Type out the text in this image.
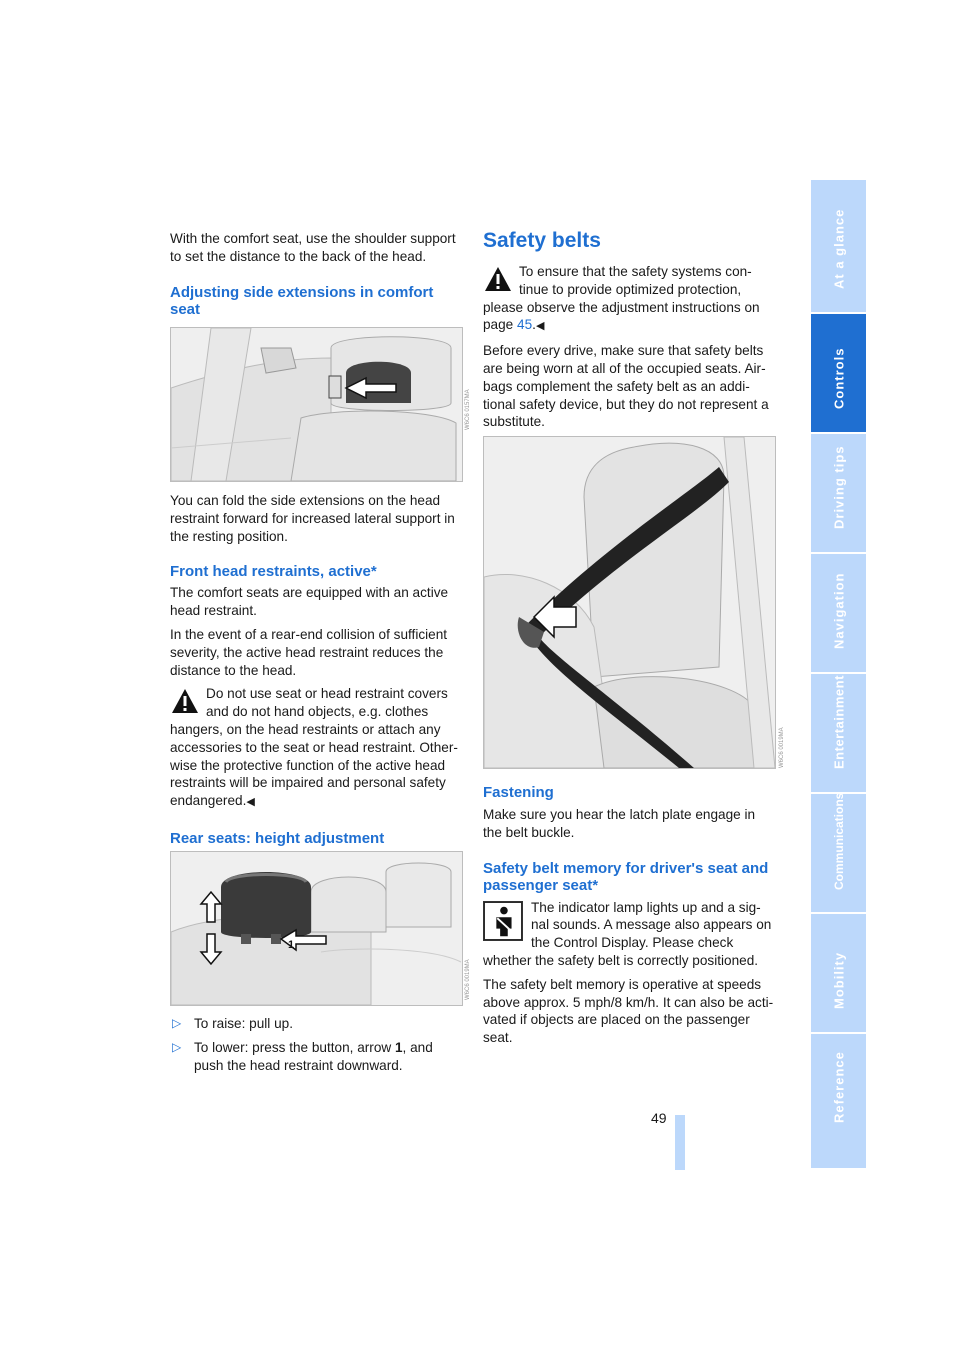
With the comfort seat, use the shoulder support to set the distance to the back of the head.

Adjusting side extensions in comfort seat
W6C6 0157MA

You can fold the side extensions on the head restraint forward for increased lateral support in the resting position.

Front head restraints, active*

The comfort seats are equipped with an active head restraint.

In the event of a rear-end collision of sufficient severity, the active head restraint reduces the distance to the head.

Do not use seat or head restraint covers and do not hand objects, e.g. clothes hangers, on the head restraints or attach any accessories to the seat or head restraint. Other-wise the protective function of the active head restraints will be impaired and personal safety endangered.◀

Rear seats: height adjustment
1
W6C6 0019MA
▷ To raise: pull up.
▷ To lower: press the button, arrow 1, and push the head restraint downward.
Safety belts

To ensure that the safety systems con-tinue to provide optimized protection, please observe the adjustment instructions on page 45.◀

Before every drive, make sure that safety belts are being worn at all of the occupied seats. Air-bags complement the safety belt as an addi-tional safety device, but they do not represent a substitute.

W6C6 0019MA
Fastening

Make sure you hear the latch plate engage in the belt buckle.

Safety belt memory for driver's seat and passenger seat*

The indicator lamp lights up and a sig-nal sounds. A message also appears on the Control Display. Please check whether the safety belt is correctly positioned.

The safety belt memory is operative at speeds above approx. 5 mph/8 km/h. It can also be acti-vated if objects are placed on the passenger seat.

49
At a glance
Controls
Driving tips
Navigation
Entertainment
Communications
Mobility
Reference
